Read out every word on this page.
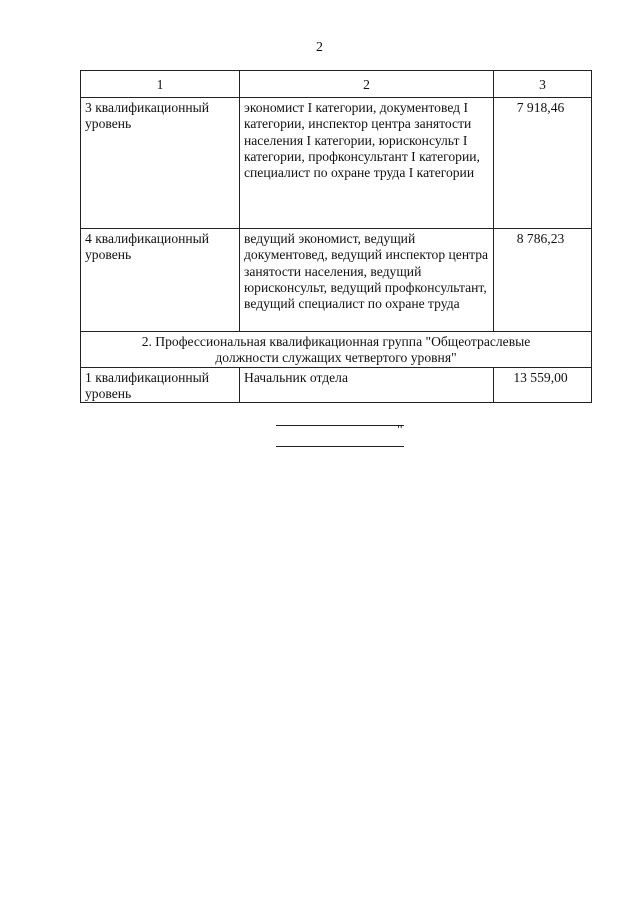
2
1	2	3
3 квалификационный уровень	экономист I категории, документовед I категории, инспектор центра занятости населения I категории, юрисконсульт I категории, профконсультант I категории, специалист по охране труда I категории	7 918,46
4 квалификационный уровень	ведущий экономист, ведущий документовед, ведущий инспектор центра занятости населения, ведущий юрисконсульт, ведущий профконсультант, ведущий специалист по охране труда	8 786,23
2. Профессиональная квалификационная группа "Общеотраслевые должности служащих четвертого уровня"		
1 квалификационный уровень	Начальник отдела	13 559,00
"
